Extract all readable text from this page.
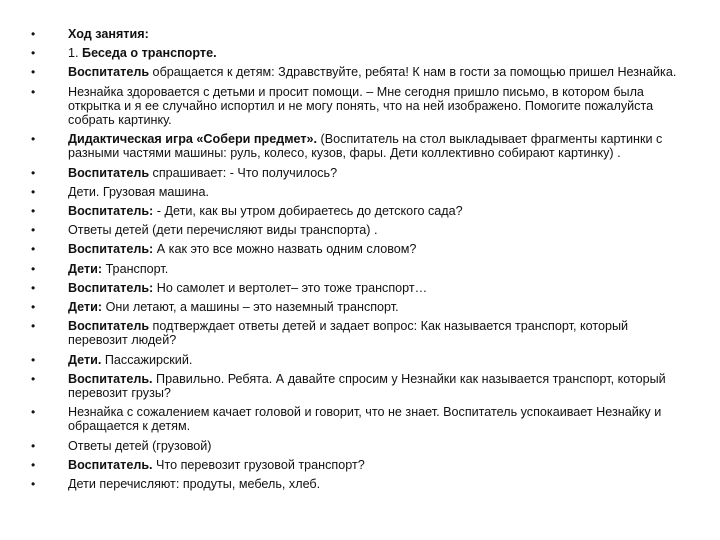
•	Ход занятия:
•	1. Беседа о транспорте.
•	Воспитатель обращается к детям: Здравствуйте, ребята! К нам в гости за помощью пришел Незнайка.
•	Незнайка здоровается с детьми и просит помощи. – Мне сегодня пришло письмо, в котором была открытка и я ее случайно испортил и не могу понять, что на ней изображено. Помогите пожалуйста собрать картинку.
•	Дидактическая игра «Собери предмет». (Воспитатель на стол выкладывает фрагменты картинки с разными частями машины: руль, колесо, кузов, фары. Дети коллективно собирают картинку) .
•	Воспитатель спрашивает: - Что получилось?
•	Дети. Грузовая машина.
•	Воспитатель: - Дети, как вы утром добираетесь до детского сада?
•	Ответы детей (дети перечисляют виды транспорта) .
•	Воспитатель: А как это все можно назвать одним словом?
•	Дети: Транспорт.
•	Воспитатель: Но самолет и вертолет– это тоже транспорт…
•	Дети: Они летают, а машины – это наземный транспорт.
•	Воспитатель подтверждает ответы детей и задает вопрос: Как называется транспорт, который перевозит людей?
•	Дети. Пассажирский.
•	Воспитатель. Правильно. Ребята. А давайте спросим у Незнайки как называется транспорт, который перевозит грузы?
•	Незнайка с сожалением качает головой и говорит, что не знает. Воспитатель успокаивает Незнайку и обращается к детям.
•	Ответы детей (грузовой)
•	Воспитатель. Что перевозит грузовой транспорт?
•	Дети перечисляют: продуты, мебель, хлеб.
